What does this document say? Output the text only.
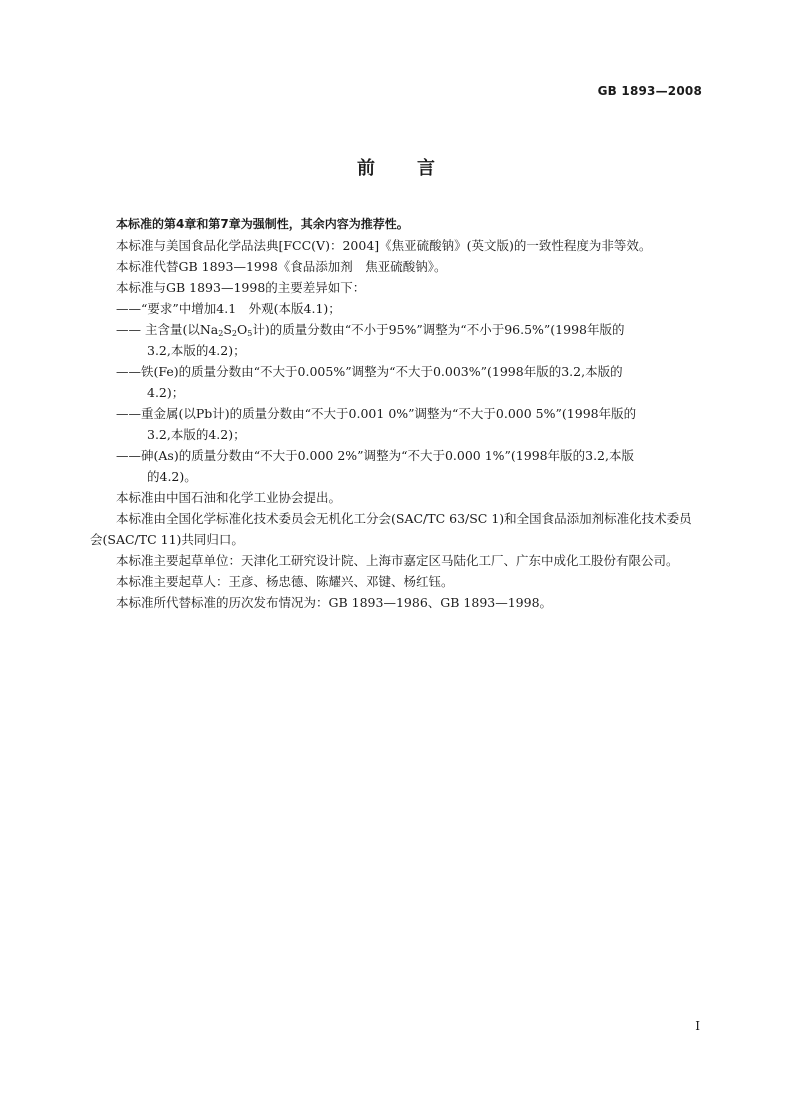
GB 1893—2008
前 言

本标准的第4章和第7章为强制性，其余内容为推荐性。

本标准与美国食品化学品法典[FCC(V)：2004]《焦亚硫酸钠》(英文版)的一致性程度为非等效。

本标准代替GB 1893—1998《食品添加剂　焦亚硫酸钠》。

本标准与GB 1893—1998的主要差异如下：

——“要求”中增加4.1　外观(本版4.1)；

—— 主含量(以$Na_2S_2O_5$计)的质量分数由“不小于95%”调整为“不小于96.5%”(1998年版的
3.2,本版的4.2)；

——铁(Fe)的质量分数由“不大于0.005%”调整为“不大于0.003%”(1998年版的3.2,本版的
4.2)；

——重金属(以Pb计)的质量分数由“不大于0.001 0%”调整为“不大于0.000 5%”(1998年版的
3.2,本版的4.2)；

——砷(As)的质量分数由“不大于0.000 2%”调整为“不大于0.000 1%”(1998年版的3.2,本版
的4.2)。

本标准由中国石油和化学工业协会提出。

本标准由全国化学标准化技术委员会无机化工分会(SAC/TC 63/SC 1)和全国食品添加剂标准化技术委员会(SAC/TC 11)共同归口。

本标准主要起草单位：天津化工研究设计院、上海市嘉定区马陆化工厂、广东中成化工股份有限公司。

本标准主要起草人：王彦、杨忠德、陈耀兴、邓键、杨红钰。

本标准所代替标准的历次发布情况为：GB 1893—1986、GB 1893—1998。

I
